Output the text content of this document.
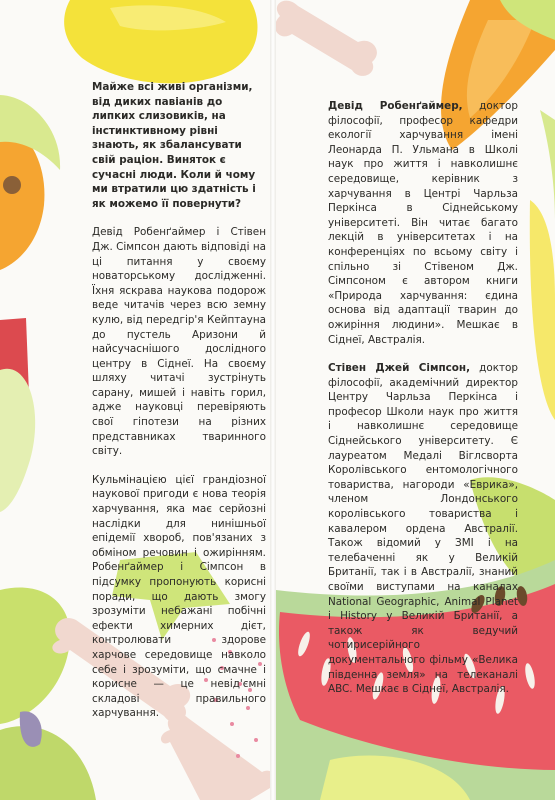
Майже всі живі організми, від диких павіанів до липких слизовиків, на інстинктивному рівні знають, як збалансувати свій раціон. Виняток є сучасні люди. Коли й чому ми втратили цю здатність і як можемо її повернути?

Девід Робенґаймер і Стівен Дж. Сімпсон дають відповіді на ці питання у своєму новаторському дослідженні. Їхня яскрава наукова подорож веде читачів через всю земну кулю, від передгір'я Кейптауна до пустель Аризони й найсучаснішого дослідного центру в Сіднеї. На своєму шляху читачі зустрінуть сарану, мишей і навіть горил, адже науковці перевіряють свої гіпотези на різних представниках тваринного світу.

Кульмінацією цієї грандіозної наукової пригоди є нова теорія харчування, яка має серйозні наслідки для нинішньої епідемії хвороб, пов'язаних з обміном речовин і ожирінням. Робенґаймер і Сімпсон в підсумку пропонують корисні поради, що дають змогу зрозуміти небажані побічні ефекти химерних дієт, контролювати здорове харчове середовище навколо себе і зрозуміти, що смачне і корисне — це невід'ємні складові правильного харчування.

Девід Робенґаймер, доктор філософії, професор кафедри екології харчування імені Леонарда П. Ульмана в Школі наук про життя і навколишнє середовище, керівник з харчування в Центрі Чарльза Перкінса в Сіднейському університеті. Він читає багато лекцій в університетах і на конференціях по всьому світу і спільно зі Стівеном Дж. Сімпсоном є автором книги «Природа харчування: єдина основа від адаптації тварин до ожиріння людини». Мешкає в Сіднеї, Австралія.

Стівен Джей Сімпсон, доктор філософії, академічний директор Центру Чарльза Перкінса і професор Школи наук про життя і навколишнє середовище Сіднейського університету. Є лауреатом Медалі Віглсворта Королівського ентомологічного товариства, нагороди «Еврика», членом Лондонського королівського товариства і кавалером ордена Австралії. Також відомий у ЗМІ і на телебаченні як у Великій Британії, так і в Австралії, знаний своїми виступами на каналах National Geographic, Animal Planet і History у Великій Британії, а також як ведучий чотирисерійного документального фільму «Велика південна земля» на телеканалі ABC. Мешкає в Сіднеї, Австралія.
